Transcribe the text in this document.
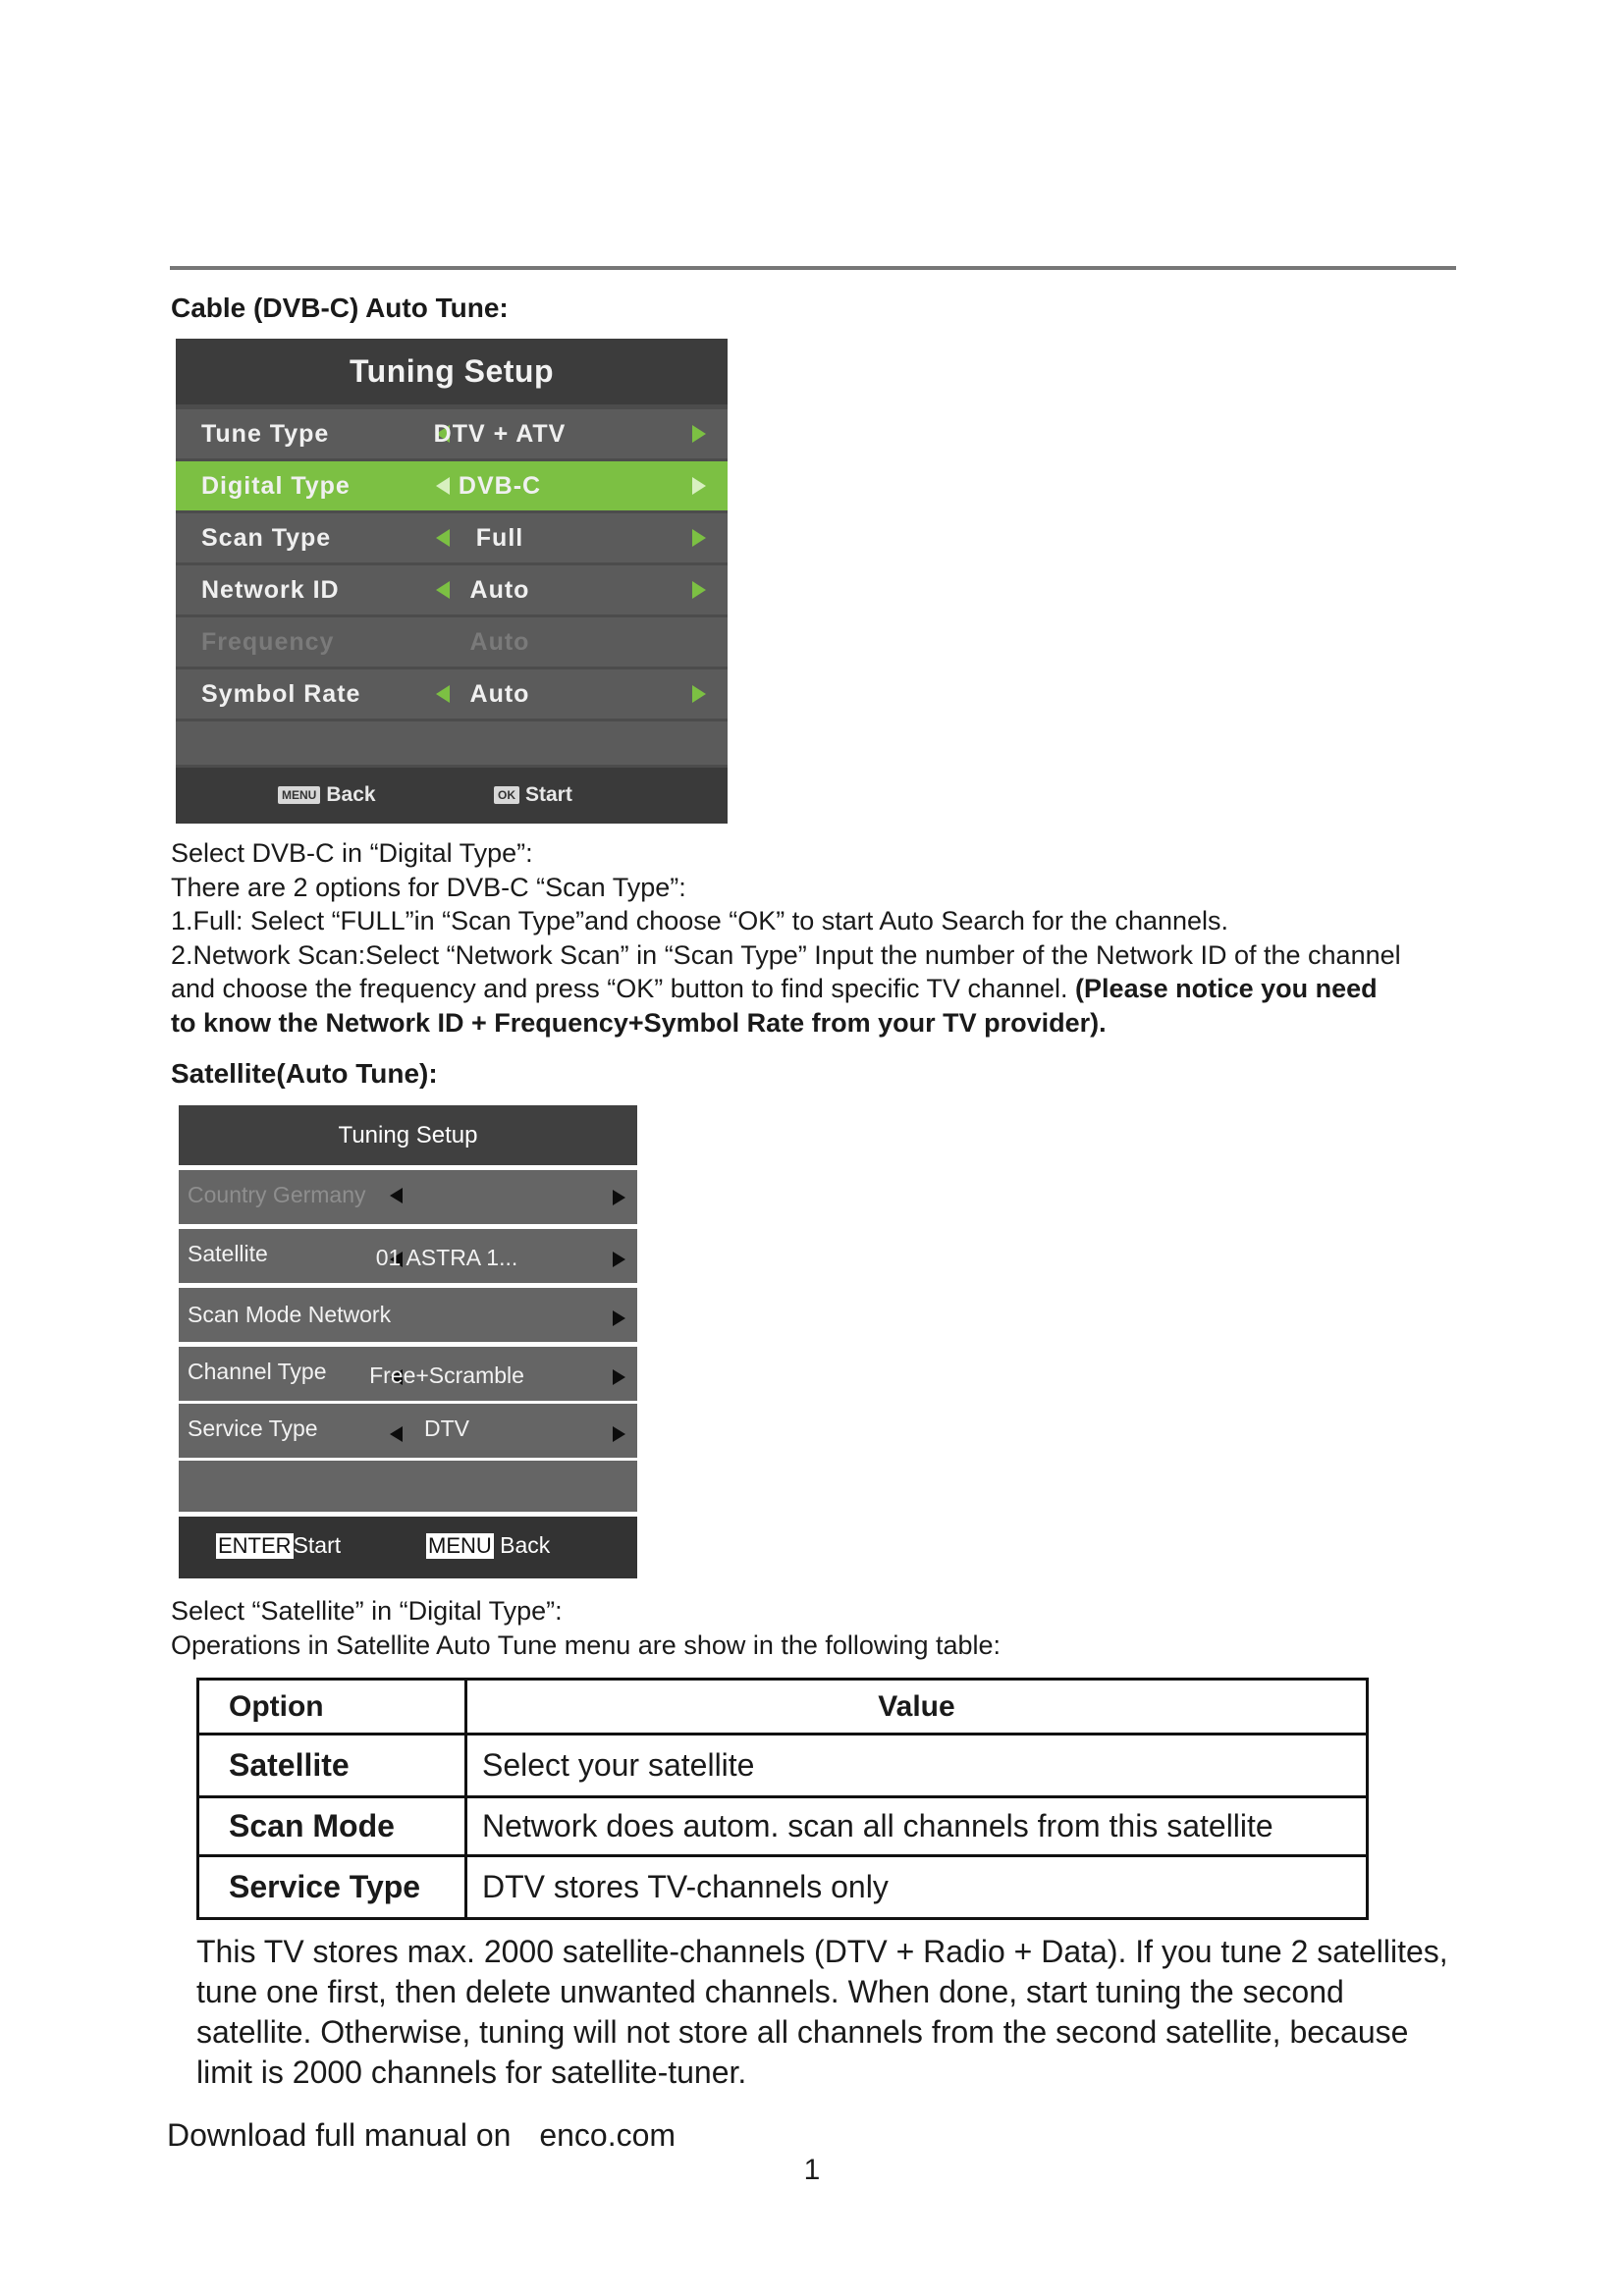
Cable (DVB-C) Auto Tune:
Tuning Setup
Tune Type	DTV + ATV
Digital Type	DVB-C
Scan Type	Full
Network ID	Auto
Frequency	Auto
Symbol Rate	Auto
MENU Back	OK Start
Select DVB-C in “Digital Type”:
There are 2 options for DVB-C “Scan Type”:
1.Full: Select “FULL”in “Scan Type”and choose “OK” to start Auto Search for the channels.
2.Network Scan:Select “Network Scan” in “Scan Type” Input the number of the Network ID of the channel
and choose the frequency and press “OK” button to find specific TV channel. (Please notice you need
to know the Network ID + Frequency+Symbol Rate from your TV provider).
Satellite(Auto Tune):
Tuning Setup
Country Germany
Satellite	01 ASTRA 1...
Scan Mode Network
Channel Type Free+Scramble
Service Type	DTV
ENTERStart	MENU Back
Select “Satellite” in “Digital Type”:
Operations in Satellite Auto Tune menu are show in the following table:
Option	Value
Satellite	Select your satellite
Scan Mode	Network does autom. scan all channels from this satellite
Service Type	DTV stores TV-channels only
This TV stores max. 2000 satellite-channels (DTV + Radio + Data). If you tune 2 satellites,
tune one first, then delete unwanted channels. When done, start tuning the second
satellite. Otherwise, tuning will not store all channels from the second satellite, because
limit is 2000 channels for satellite-tuner.
Download full manual on enco.com
1
